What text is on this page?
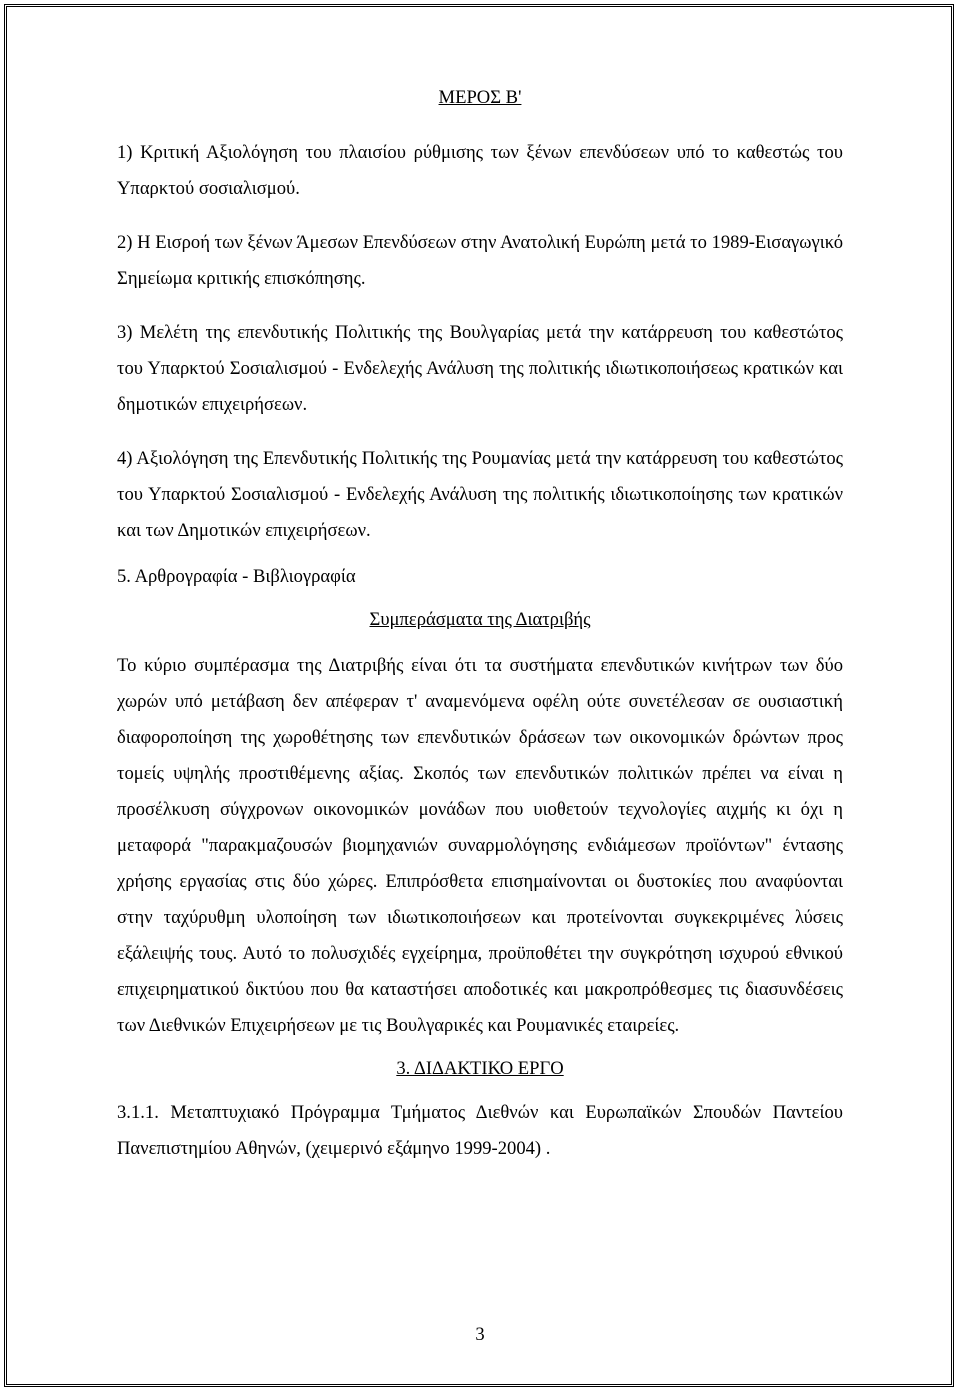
ΜΕΡΟΣ Β'

1) Κριτική Αξιολόγηση του πλαισίου ρύθμισης των ξένων επενδύσεων υπό το καθεστώς του Υπαρκτού σοσιαλισμού.

2) Η Εισροή των ξένων Άμεσων Επενδύσεων στην Ανατολική Ευρώπη μετά το 1989-Εισαγωγικό Σημείωμα κριτικής επισκόπησης.

3) Μελέτη της επενδυτικής Πολιτικής της Βουλγαρίας μετά την κατάρρευση του καθεστώτος του Υπαρκτού Σοσιαλισμού - Ενδελεχής Ανάλυση της πολιτικής ιδιωτικοποιήσεως κρατικών και δημοτικών επιχειρήσεων.

4) Αξιολόγηση της Επενδυτικής Πολιτικής της Ρουμανίας μετά την κατάρρευση του καθεστώτος του Υπαρκτού Σοσιαλισμού - Ενδελεχής Ανάλυση της πολιτικής ιδιωτικοποίησης των κρατικών και των Δημοτικών επιχειρήσεων.

5. Αρθρογραφία - Βιβλιογραφία

Συμπεράσματα της Διατριβής

Το κύριο συμπέρασμα της Διατριβής είναι ότι τα συστήματα επενδυτικών κινήτρων των δύο χωρών υπό μετάβαση δεν απέφεραν τ' αναμενόμενα οφέλη ούτε συνετέλεσαν σε ουσιαστική διαφοροποίηση της χωροθέτησης των επενδυτικών δράσεων των οικονομικών δρώντων προς τομείς υψηλής προστιθέμενης αξίας. Σκοπός των επενδυτικών πολιτικών πρέπει να είναι η προσέλκυση σύγχρονων οικονομικών μονάδων που υιοθετούν τεχνολογίες αιχμής κι όχι η μεταφορά "παρακμαζουσών βιομηχανιών συναρμολόγησης ενδιάμεσων προϊόντων" έντασης χρήσης εργασίας στις δύο χώρες. Επιπρόσθετα επισημαίνονται οι δυστοκίες που αναφύονται στην ταχύρυθμη υλοποίηση των ιδιωτικοποιήσεων και προτείνονται συγκεκριμένες λύσεις εξάλειψής τους. Αυτό το πολυσχιδές εγχείρημα, προϋποθέτει την συγκρότηση ισχυρού εθνικού επιχειρηματικού δικτύου που θα καταστήσει αποδοτικές και μακροπρόθεσμες τις διασυνδέσεις των Διεθνικών Επιχειρήσεων με τις Βουλγαρικές και Ρουμανικές εταιρείες.

3. ΔΙΔΑΚΤΙΚΟ ΕΡΓΟ

3.1.1. Μεταπτυχιακό Πρόγραμμα Τμήματος Διεθνών και Ευρωπαϊκών Σπουδών Παντείου Πανεπιστημίου Αθηνών, (χειμερινό εξάμηνο 1999-2004) .

3
